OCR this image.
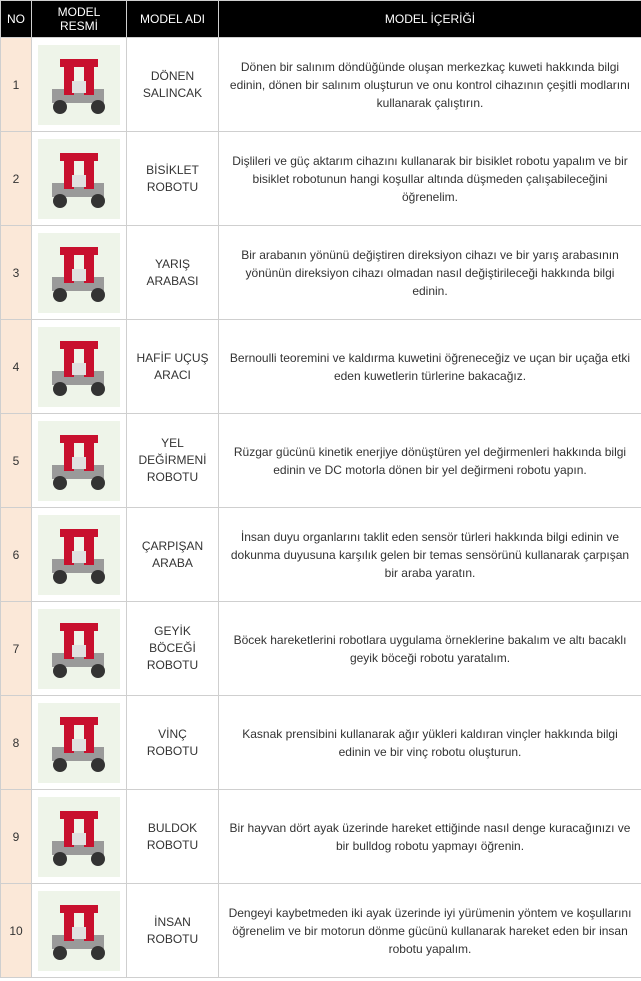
NO	MODEL RESMİ	MODEL ADI	MODEL İÇERİĞİ
1		DÖNEN SALINCAK	Dönen bir salınım döndüğünde oluşan merkezkaç kuweti hakkında bilgi edinin, dönen bir salınım oluşturun ve onu kontrol cihazının çeşitli modlarını kullanarak çalıştırın.
2		BİSİKLET ROBOTU	Dişlileri ve güç aktarım cihazını kullanarak bir bisiklet robotu yapalım ve bir bisiklet robotunun hangi koşullar altında düşmeden çalışabileceğini öğrenelim.
3		YARIŞ ARABASI	Bir arabanın yönünü değiştiren direksiyon cihazı ve bir yarış arabasının yönünün direksiyon cihazı olmadan nasıl değiştirileceği hakkında bilgi edinin.
4		HAFİF UÇUŞ ARACI	Bernoulli teoremini ve kaldırma kuwetini öğreneceğiz ve uçan bir uçağa etki eden kuwetlerin türlerine bakacağız.
5		YEL DEĞİRMENİ ROBOTU	Rüzgar gücünü kinetik enerjiye dönüştüren yel değirmenleri hakkında bilgi edinin ve DC motorla dönen bir yel değirmeni robotu yapın.
6		ÇARPIŞAN ARABA	İnsan duyu organlarını taklit eden sensör türleri hakkında bilgi edinin ve dokunma duyusuna karşılık gelen bir temas sensörünü kullanarak çarpışan bir araba yaratın.
7		GEYİK BÖCEĞİ ROBOTU	Böcek hareketlerini robotlara uygulama örneklerine bakalım ve altı bacaklı geyik böceği robotu yaratalım.
8		VİNÇ ROBOTU	Kasnak prensibini kullanarak ağır yükleri kaldıran vinçler hakkında bilgi edinin ve bir vinç robotu oluşturun.
9		BULDOK ROBOTU	Bir hayvan dört ayak üzerinde hareket ettiğinde nasıl denge kuracağınızı ve bir bulldog robotu yapmayı öğrenin.
10		İNSAN ROBOTU	Dengeyi kaybetmeden iki ayak üzerinde iyi yürümenin yöntem ve koşullarını öğrenelim ve bir motorun dönme gücünü kullanarak hareket eden bir insan robotu yapalım.
